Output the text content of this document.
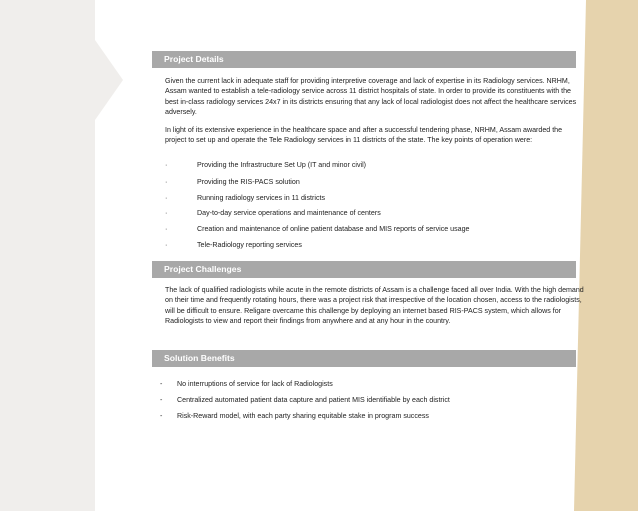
Project Details
Given the current lack in adequate staff for providing interpretive coverage and lack of expertise in its Radiology services. NRHM, Assam wanted to establish a tele-radiology service across 11 district hospitals of state. In order to provide its constituents with the best in-class radiology services 24x7 in its districts ensuring that any lack of local radiologist does not affect the healthcare services adversely.
In light of its extensive experience in the healthcare space and after a successful tendering phase, NRHM, Assam awarded the project to set up and operate the Tele Radiology services in 11 districts of the state. The key points of operation were:
·	Providing the Infrastructure Set Up (IT and minor civil)
·	Providing the RIS-PACS solution
·	Running radiology services in 11 districts
·	Day-to-day service operations and maintenance of centers
·	Creation and maintenance of online patient database and MIS reports of service usage
·	Tele-Radiology reporting services
Project Challenges
The lack of qualified radiologists while acute in the remote districts of Assam is a challenge faced all over India. With the high demand on their time and frequently rotating hours, there was a project risk that irrespective of the location chosen, access to the radiologists, will be difficult to ensure. Religare overcame this challenge by deploying an internet based RIS-PACS system, which allows for Radiologists to view and report their findings from anywhere and at any hour in the country.
Solution Benefits
- No interruptions of service for lack of Radiologists
- Centralized automated patient data capture and patient MIS identifiable by each district
- Risk-Reward model, with each party sharing equitable stake in program success
